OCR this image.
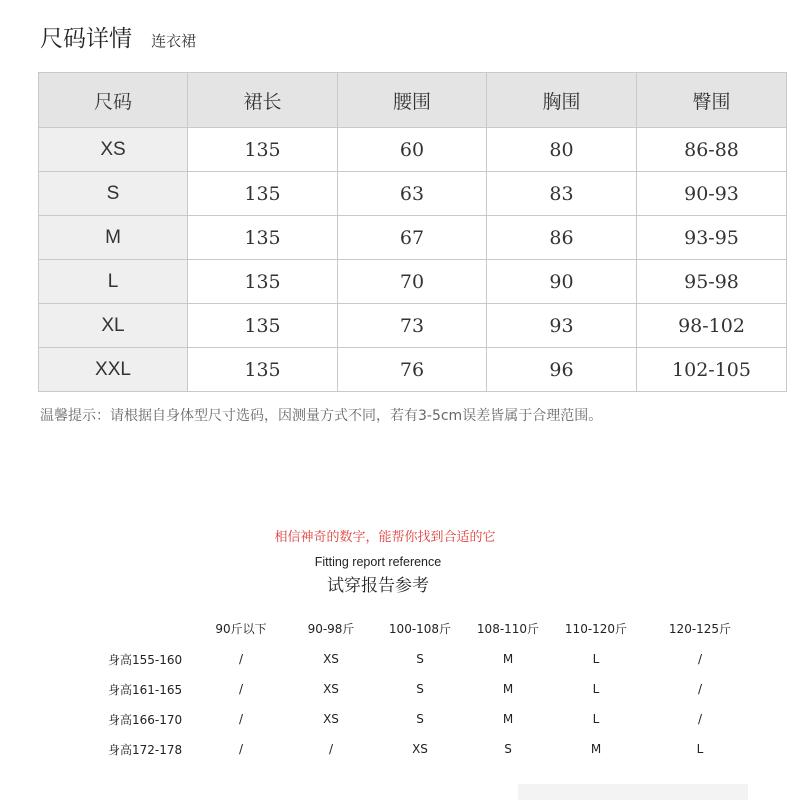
尺码详情 连衣裙
尺码	裙长	腰围	胸围	臀围
XS	135	60	80	86-88
S	135	63	83	90-93
M	135	67	86	93-95
L	135	70	90	95-98
XL	135	73	93	98-102
XXL	135	76	96	102-105
温馨提示：请根据自身体型尺寸选码，因测量方式不同，若有3-5cm误差皆属于合理范围。
相信神奇的数字，能帮你找到合适的它
Fitting report reference
试穿报告参考
	90斤以下	90-98斤	100-108斤	108-110斤	110-120斤	120-125斤
身高155-160	/	XS	S	M	L	/
身高161-165	/	XS	S	M	L	/
身高166-170	/	XS	S	M	L	/
身高172-178	/	/	XS	S	M	L
